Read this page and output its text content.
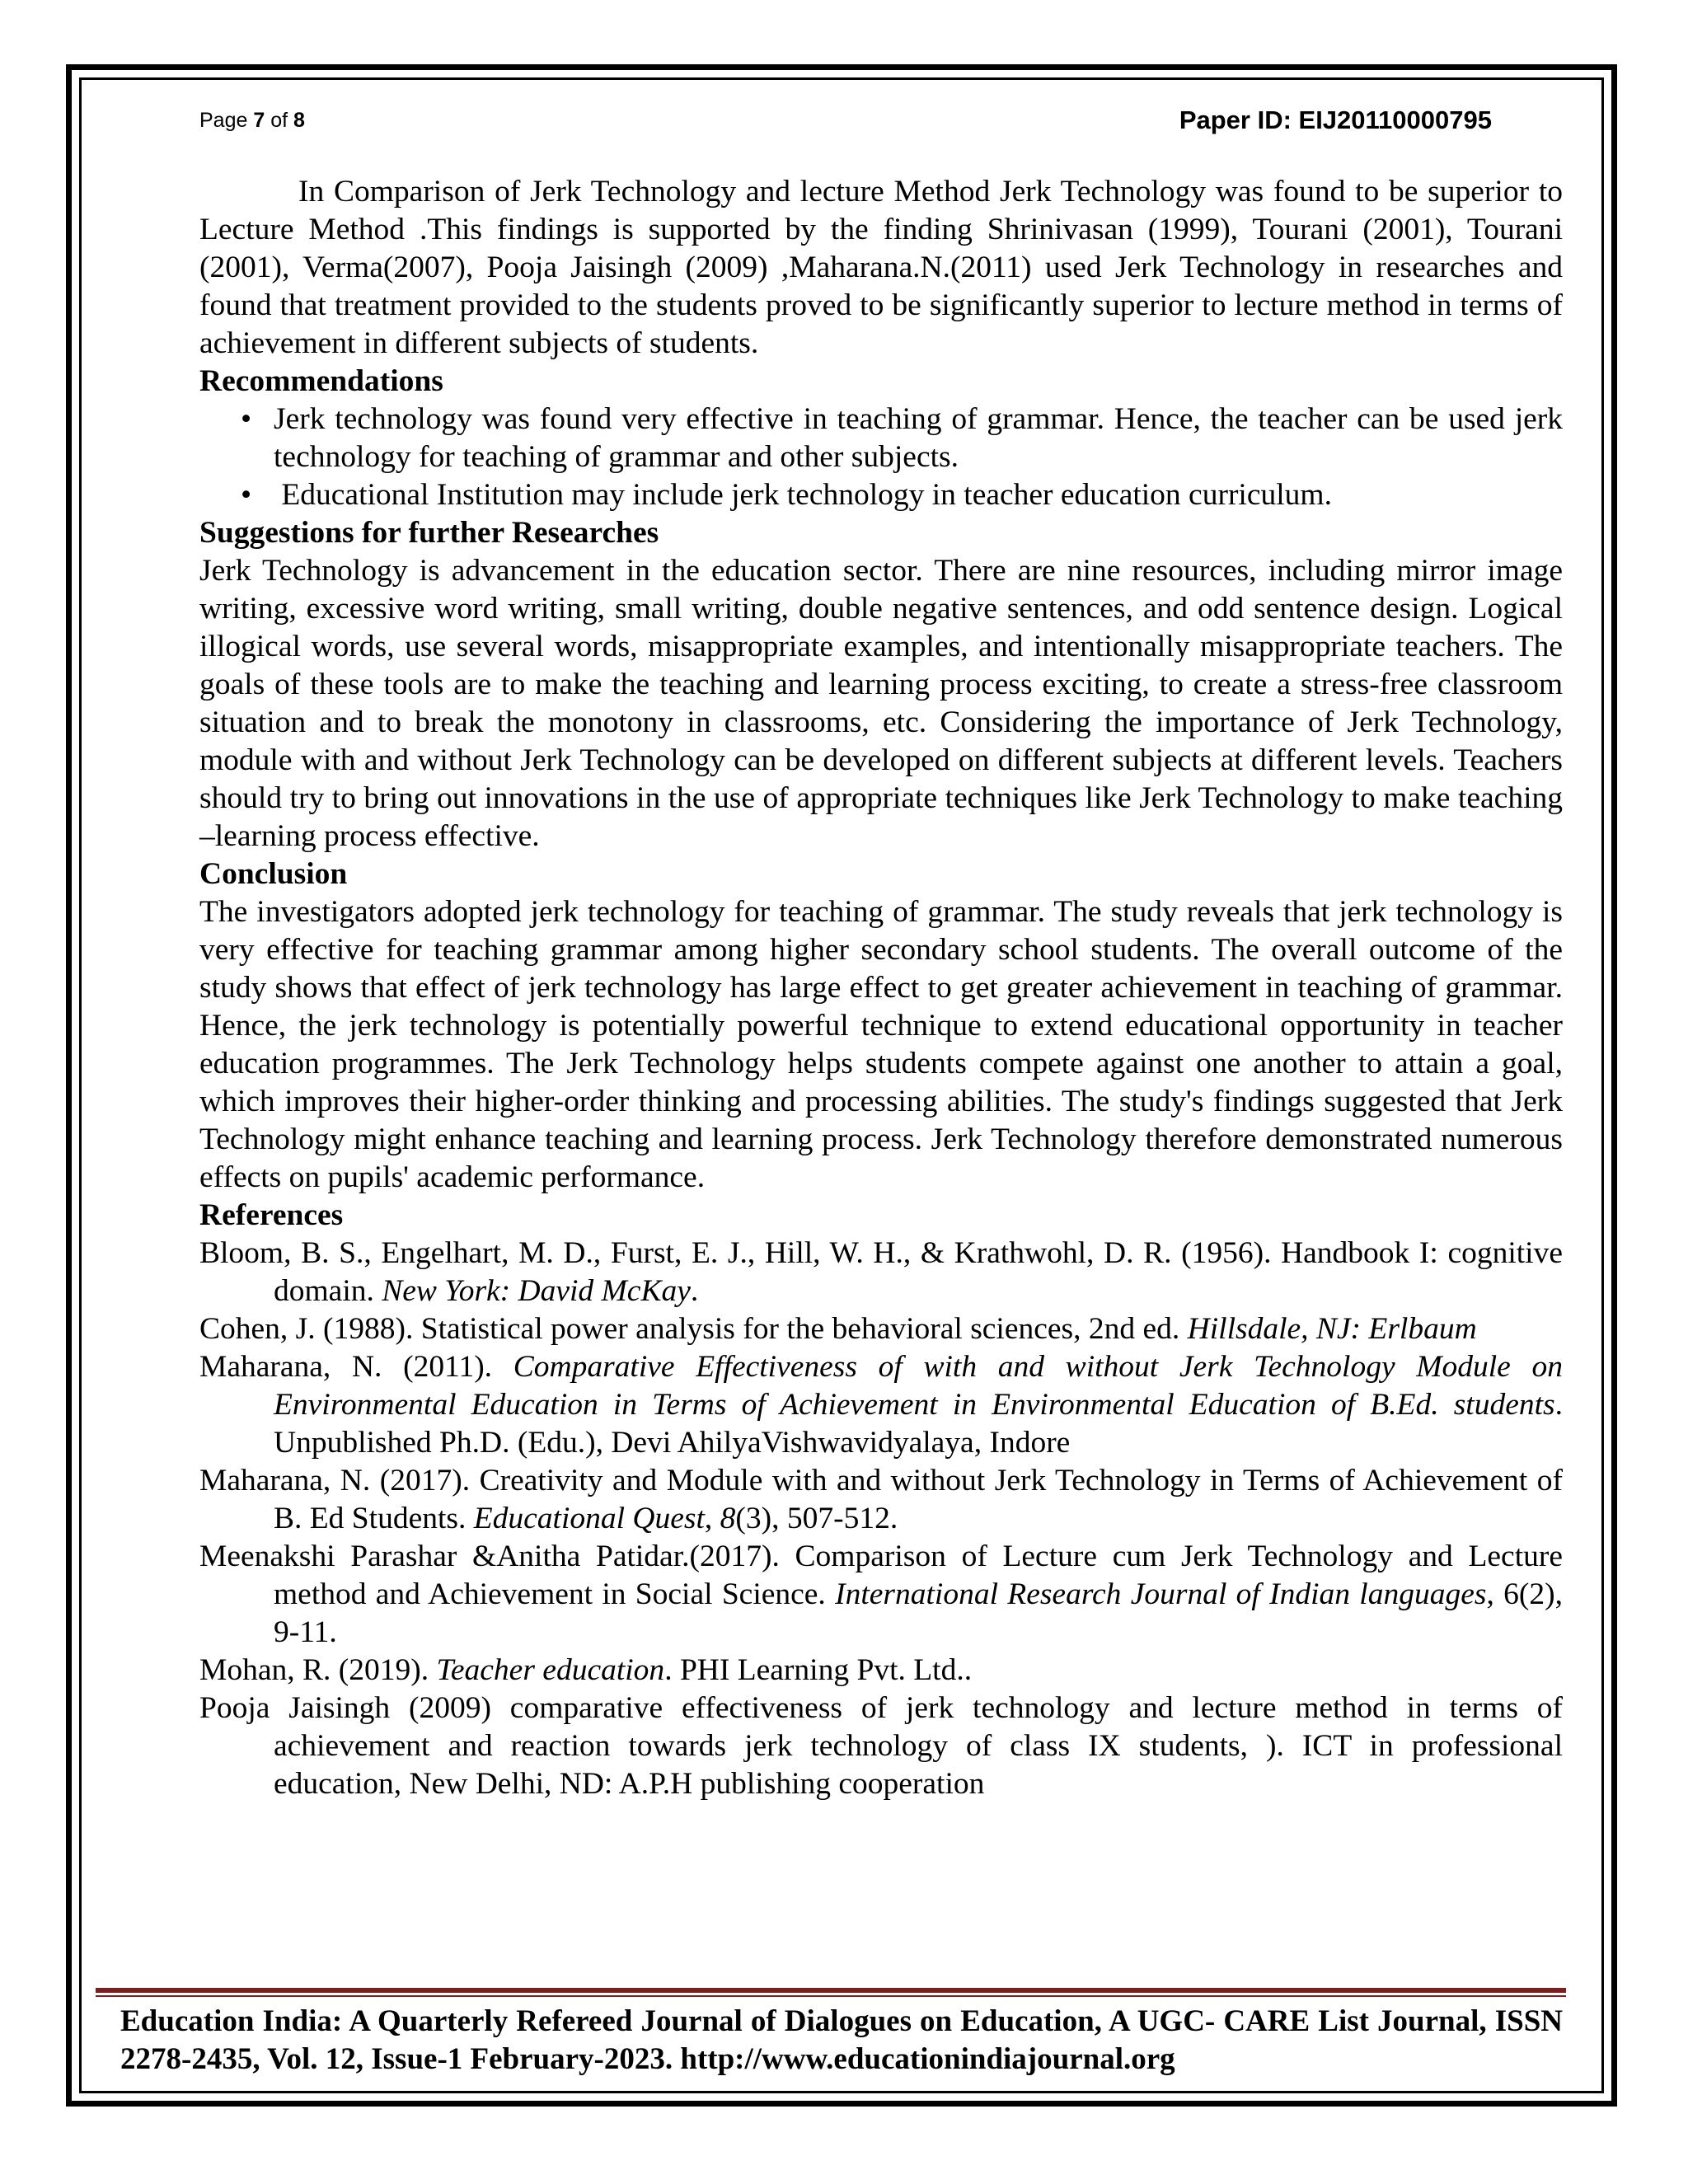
Page 7 of 8	Paper ID: EIJ20110000795

In Comparison of Jerk Technology and lecture Method Jerk Technology was found to be superior to Lecture Method .This findings is supported by the finding Shrinivasan (1999), Tourani (2001), Tourani (2001), Verma(2007), Pooja Jaisingh (2009) ,Maharana.N.(2011) used Jerk Technology in researches and found that treatment provided to the students proved to be significantly superior to lecture method in terms of achievement in different subjects of students.

Recommendations
• Jerk technology was found very effective in teaching of grammar. Hence, the teacher can be used jerk technology for teaching of grammar and other subjects.
• Educational Institution may include jerk technology in teacher education curriculum.
Suggestions for further Researches

Jerk Technology is advancement in the education sector. There are nine resources, including mirror image writing, excessive word writing, small writing, double negative sentences, and odd sentence design. Logical illogical words, use several words, misappropriate examples, and intentionally misappropriate teachers. The goals of these tools are to make the teaching and learning process exciting, to create a stress-free classroom situation and to break the monotony in classrooms, etc. Considering the importance of Jerk Technology, module with and without Jerk Technology can be developed on different subjects at different levels. Teachers should try to bring out innovations in the use of appropriate techniques like Jerk Technology to make teaching –learning process effective.

Conclusion

The investigators adopted jerk technology for teaching of grammar. The study reveals that jerk technology is very effective for teaching grammar among higher secondary school students. The overall outcome of the study shows that effect of jerk technology has large effect to get greater achievement in teaching of grammar. Hence, the jerk technology is potentially powerful technique to extend educational opportunity in teacher education programmes. The Jerk Technology helps students compete against one another to attain a goal, which improves their higher-order thinking and processing abilities. The study's findings suggested that Jerk Technology might enhance teaching and learning process. Jerk Technology therefore demonstrated numerous effects on pupils' academic performance.

References

Bloom, B. S., Engelhart, M. D., Furst, E. J., Hill, W. H., & Krathwohl, D. R. (1956). Handbook I: cognitive domain. New York: David McKay.

Cohen, J. (1988). Statistical power analysis for the behavioral sciences, 2nd ed. Hillsdale, NJ: Erlbaum

Maharana, N. (2011). Comparative Effectiveness of with and without Jerk Technology Module on Environmental Education in Terms of Achievement in Environmental Education of B.Ed. students. Unpublished Ph.D. (Edu.), Devi AhilyaVishwavidyalaya, Indore

Maharana, N. (2017). Creativity and Module with and without Jerk Technology in Terms of Achievement of B. Ed Students. Educational Quest, 8(3), 507-512.

Meenakshi Parashar &Anitha Patidar.(2017). Comparison of Lecture cum Jerk Technology and Lecture method and Achievement in Social Science. International Research Journal of Indian languages, 6(2), 9-11.

Mohan, R. (2019). Teacher education. PHI Learning Pvt. Ltd..

Pooja Jaisingh (2009) comparative effectiveness of jerk technology and lecture method in terms of achievement and reaction towards jerk technology of class IX students, ). ICT in professional education, New Delhi, ND: A.P.H publishing cooperation

Education India: A Quarterly Refereed Journal of Dialogues on Education, A UGC- CARE List Journal, ISSN 2278-2435, Vol. 12, Issue-1 February-2023. http://www.educationindiajournal.org
